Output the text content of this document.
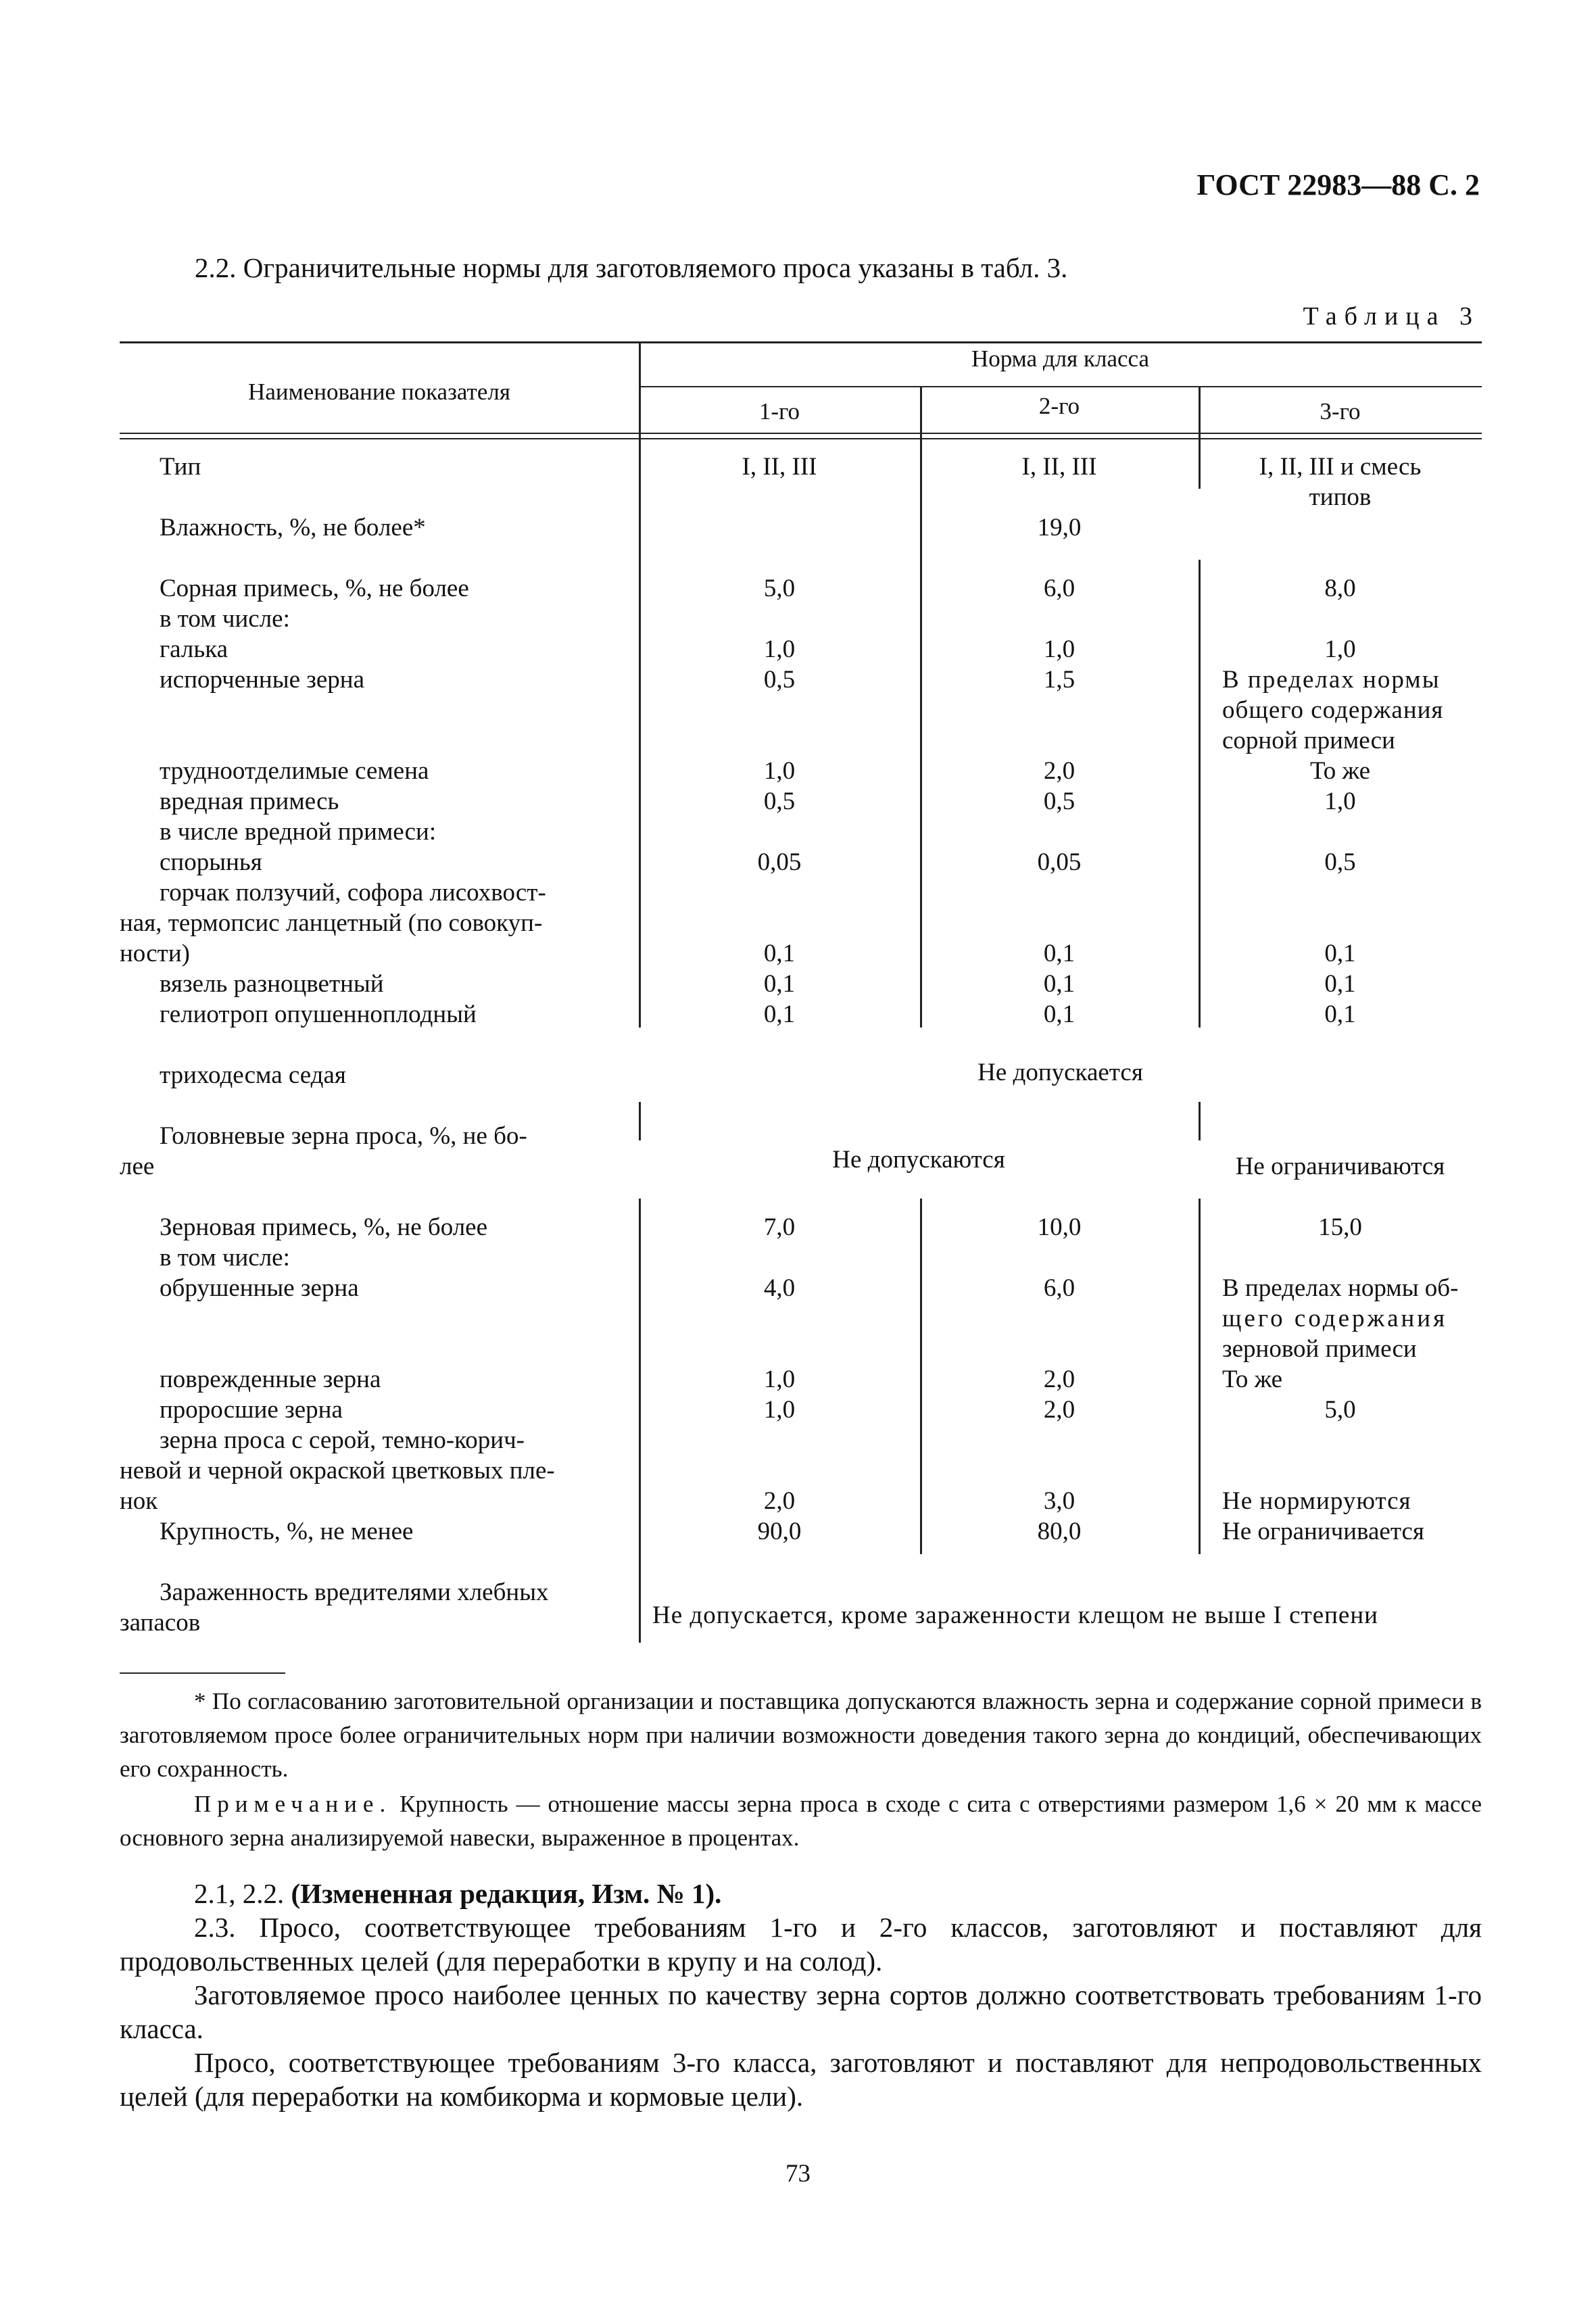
ГОСТ 22983—88 С. 2
2.2. Ограничительные нормы для заготовляемого проса указаны в табл. 3.
Таблица 3
Наименование показателя
Норма для класса
1-го	2-го	3-го
Тип	I, II, III	I, II, III	I, II, III и смесь
типов
Влажность, %, не более*	19,0
Сорная примесь, %, не более	5,0	6,0	8,0
в том числе:
галька	1,0	1,0	1,0
испорченные зерна	0,5	1,5	В пределах нормы
общего содержания
сорной примеси
трудноотделимые семена	1,0	2,0	То же
вредная примесь	0,5	0,5	1,0
в числе вредной примеси:
спорынья	0,05	0,05	0,5
горчак ползучий, софора лисохвост-
ная, термопсис ланцетный (по совокуп-
ности)	0,1	0,1	0,1
вязель разноцветный	0,1	0,1	0,1
гелиотроп опушенноплодный	0,1	0,1	0,1
триходесма седая	Не допускается
Головневые зерна проса, %, не бо-
лее	Не допускаются	Не ограничиваются
Зерновая примесь, %, не более	7,0	10,0	15,0
в том числе:
обрушенные зерна	4,0	6,0	В пределах нормы об-
щего содержания
зерновой примеси
поврежденные зерна	1,0	2,0	То же
проросшие зерна	1,0	2,0	5,0
зерна проса с серой, темно-корич-
невой и черной окраской цветковых пле-
нок	2,0	3,0	Не нормируются
Крупность, %, не менее	90,0	80,0	Не ограничивается
Зараженность вредителями хлебных
запасов	Не допускается, кроме зараженности клещом не выше I степени
* По согласованию заготовительной организации и поставщика допускаются влажность зерна и содержание сорной примеси в заготовляемом просе более ограничительных норм при наличии возможности доведения такого зерна до кондиций, обеспечивающих его сохранность.
Примечание. Крупность — отношение массы зерна проса в сходе с сита с отверстиями размером 1,6 × 20 мм к массе основного зерна анализируемой навески, выраженное в процентах.
2.1, 2.2. (Измененная редакция, Изм. № 1).
2.3. Просо, соответствующее требованиям 1-го и 2-го классов, заготовляют и поставляют для продовольственных целей (для переработки в крупу и на солод).
Заготовляемое просо наиболее ценных по качеству зерна сортов должно соответствовать требованиям 1-го класса.
Просо, соответствующее требованиям 3-го класса, заготовляют и поставляют для непродовольственных целей (для переработки на комбикорма и кормовые цели).
73
